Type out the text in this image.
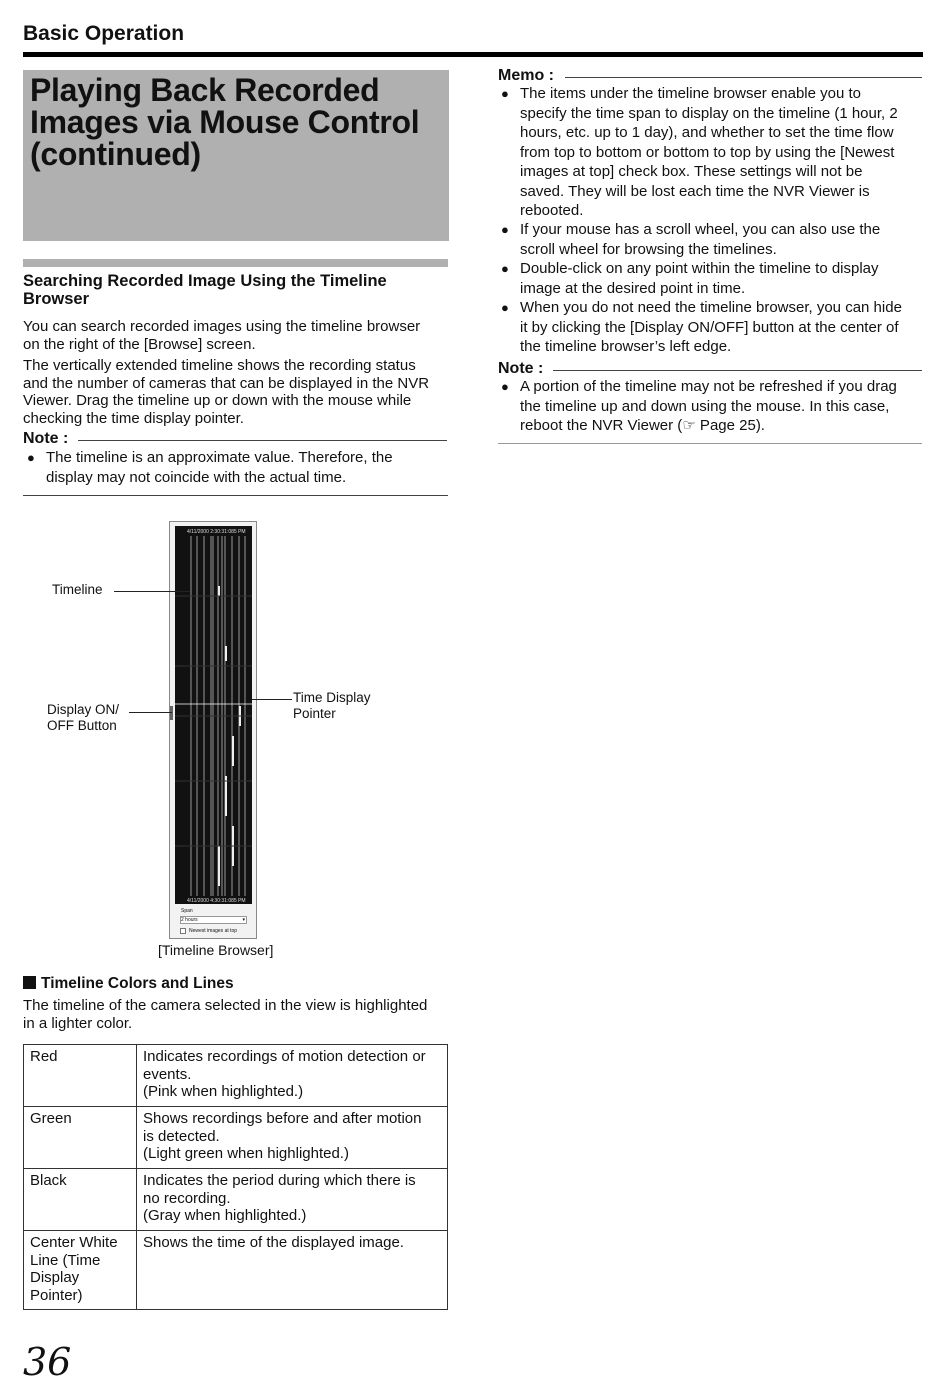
Basic Operation
Playing Back Recorded
Images via Mouse Control
(continued)
Searching Recorded Image Using the Timeline
Browser
You can search recorded images using the timeline browser
on the right of the [Browse] screen.
The vertically extended timeline shows the recording status
and the number of cameras that can be displayed in the NVR
Viewer. Drag the timeline up or down with the mouse while
checking the time display pointer.
Note :
● The timeline is an approximate value. Therefore, the
display may not coincide with the actual time.
4/11/2000 2:30:31:085 PM
4/11/2000 4:30:31:085 PM
Span
2 hours	▾
Newest images at top
Timeline
Display ON/
OFF Button
Time Display
Pointer
[Timeline Browser]
Timeline Colors and Lines
The timeline of the camera selected in the view is highlighted
in a lighter color.
Red	Indicates recordings of motion detection or
events.
(Pink when highlighted.)

Green	Shows recordings before and after motion
is detected.
(Light green when highlighted.)

Black	Indicates the period during which there is
no recording.
(Gray when highlighted.)

Center White
Line (Time
Display
Pointer)	Shows the time of the displayed image.
Memo :
● The items under the timeline browser enable you to
specify the time span to display on the timeline (1 hour, 2
hours, etc. up to 1 day), and whether to set the time flow
from top to bottom or bottom to top by using the [Newest
images at top] check box. These settings will not be
saved. They will be lost each time the NVR Viewer is
rebooted.
● If your mouse has a scroll wheel, you can also use the
scroll wheel for browsing the timelines.
● Double-click on any point within the timeline to display
image at the desired point in time.
● When you do not need the timeline browser, you can hide
it by clicking the [Display ON/OFF] button at the center of
the timeline browser’s left edge.
Note :
● A portion of the timeline may not be refreshed if you drag
the timeline up and down using the mouse. In this case,
reboot the NVR Viewer (☞ Page 25).
36
